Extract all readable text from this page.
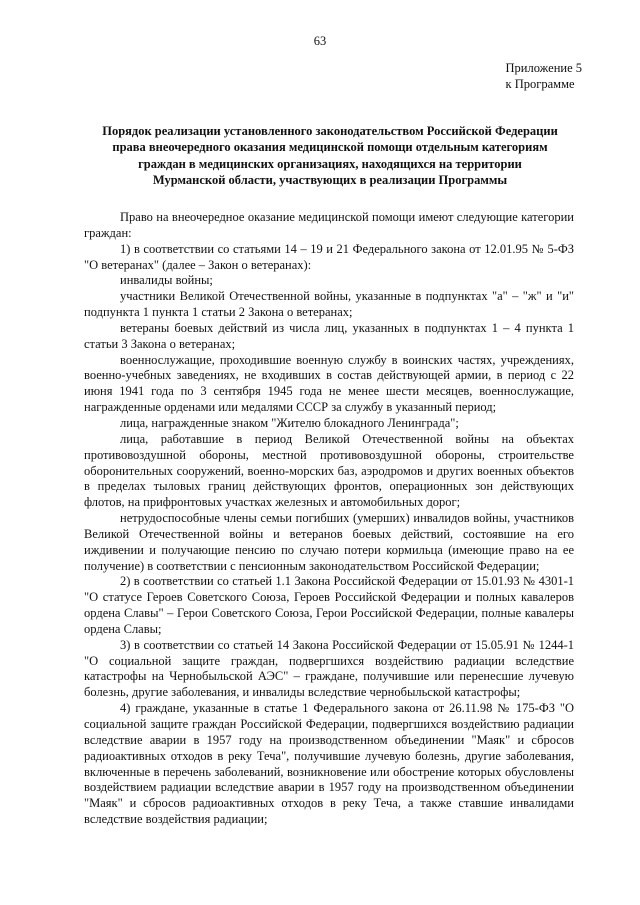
63
Приложение 5
к Программе
Порядок реализации установленного законодательством Российской Федерации
права внеочередного оказания медицинской помощи отдельным категориям
граждан в медицинских организациях, находящихся на территории
Мурманской области, участвующих в реализации Программы

Право на внеочередное оказание медицинской помощи имеют следующие категории граждан:

1) в соответствии со статьями 14 – 19 и 21 Федерального закона от 12.01.95 № 5-ФЗ "О ветеранах" (далее – Закон о ветеранах):

инвалиды войны;

участники Великой Отечественной войны, указанные в подпунктах "а" – "ж" и "и" подпункта 1 пункта 1 статьи 2 Закона о ветеранах;

ветераны боевых действий из числа лиц, указанных в подпунктах 1 – 4 пункта 1 статьи 3 Закона о ветеранах;

военнослужащие, проходившие военную службу в воинских частях, учреждениях, военно-учебных заведениях, не входивших в состав действующей армии, в период с 22 июня 1941 года по 3 сентября 1945 года не менее шести месяцев, военнослужащие, награжденные орденами или медалями СССР за службу в указанный период;

лица, награжденные знаком "Жителю блокадного Ленинграда";

лица, работавшие в период Великой Отечественной войны на объектах противовоздушной обороны, местной противовоздушной обороны, строительстве оборонительных сооружений, военно-морских баз, аэродромов и других военных объектов в пределах тыловых границ действующих фронтов, операционных зон действующих флотов, на прифронтовых участках железных и автомобильных дорог;

нетрудоспособные члены семьи погибших (умерших) инвалидов войны, участников Великой Отечественной войны и ветеранов боевых действий, состоявшие на его иждивении и получающие пенсию по случаю потери кормильца (имеющие право на ее получение) в соответствии с пенсионным законодательством Российской Федерации;

2) в соответствии со статьей 1.1 Закона Российской Федерации от 15.01.93 № 4301-1 "О статусе Героев Советского Союза, Героев Российской Федерации и полных кавалеров ордена Славы" – Герои Советского Союза, Герои Российской Федерации, полные кавалеры ордена Славы;

3) в соответствии со статьей 14 Закона Российской Федерации от 15.05.91 № 1244-1 "О социальной защите граждан, подвергшихся воздействию радиации вследствие катастрофы на Чернобыльской АЭС" – граждане, получившие или перенесшие лучевую болезнь, другие заболевания, и инвалиды вследствие чернобыльской катастрофы;

4) граждане, указанные в статье 1 Федерального закона от 26.11.98 № 175-ФЗ "О социальной защите граждан Российской Федерации, подвергшихся воздействию радиации вследствие аварии в 1957 году на производственном объединении "Маяк" и сбросов радиоактивных отходов в реку Теча", получившие лучевую болезнь, другие заболевания, включенные в перечень заболеваний, возникновение или обострение которых обусловлены воздействием радиации вследствие аварии в 1957 году на производственном объединении "Маяк" и сбросов радиоактивных отходов в реку Теча, а также ставшие инвалидами вследствие воздействия радиации;
